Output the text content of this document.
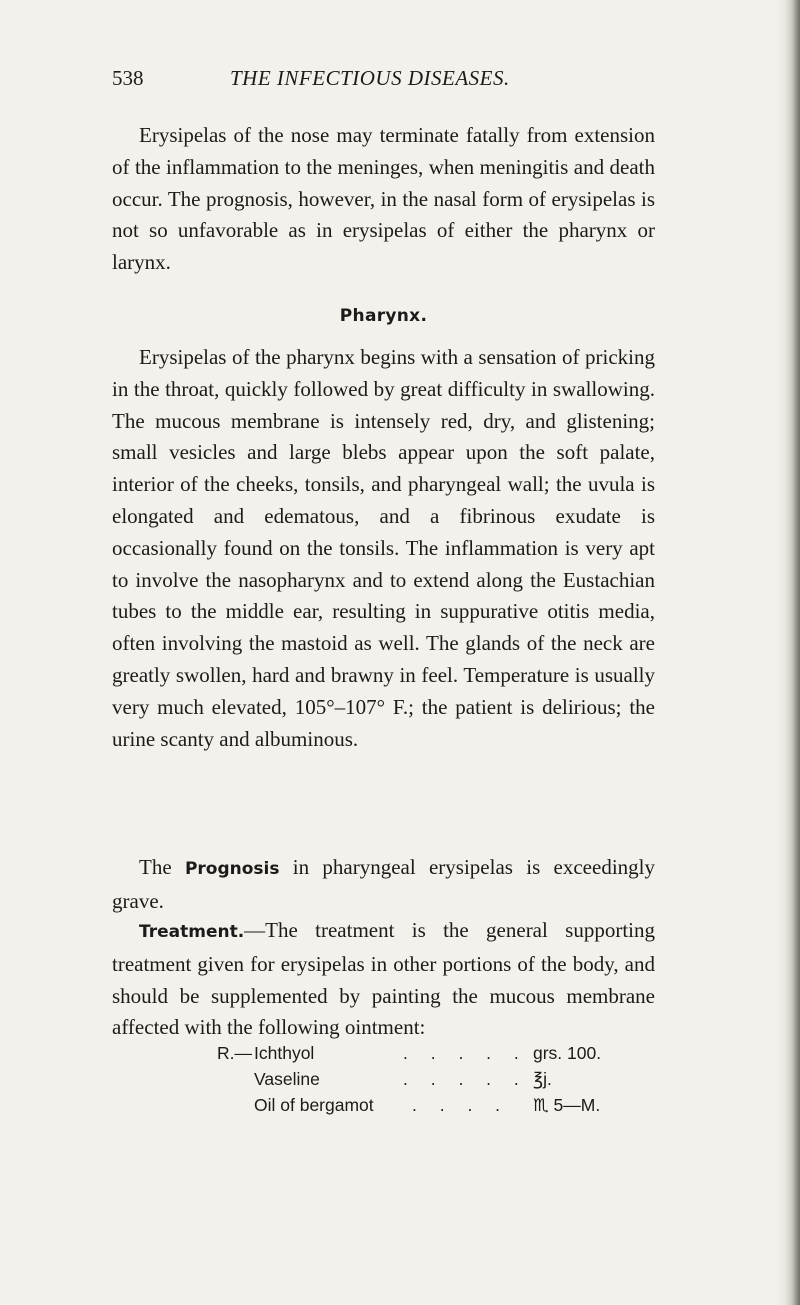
538	THE INFECTIOUS DISEASES.

Erysipelas of the nose may terminate fatally from extension of the inflammation to the meninges, when meningitis and death occur. The prognosis, however, in the nasal form of erysipelas is not so unfavorable as in erysipelas of either the pharynx or larynx.

Pharynx.

Erysipelas of the pharynx begins with a sensation of pricking in the throat, quickly followed by great difficulty in swallowing. The mucous membrane is intensely red, dry, and glistening; small vesicles and large blebs appear upon the soft palate, interior of the cheeks, tonsils, and pharyngeal wall; the uvula is elongated and edematous, and a fibrinous exudate is occasionally found on the tonsils. The inflammation is very apt to involve the nasopharynx and to extend along the Eustachian tubes to the middle ear, resulting in suppurative otitis media, often involving the mastoid as well. The glands of the neck are greatly swollen, hard and brawny in feel. Temperature is usually very much elevated, 105°–107° F.; the patient is delirious; the urine scanty and albuminous.

The Prognosis in pharyngeal erysipelas is exceedingly grave.

Treatment.—The treatment is the general supporting treatment given for erysipelas in other portions of the body, and should be supplemented by painting the mucous membrane affected with the following ointment:

R.— Ichthyol	. . . . . grs. 100.
Vaseline	. . . . . ℥j.
Oil of bergamot . . . . ♏ 5—M.
